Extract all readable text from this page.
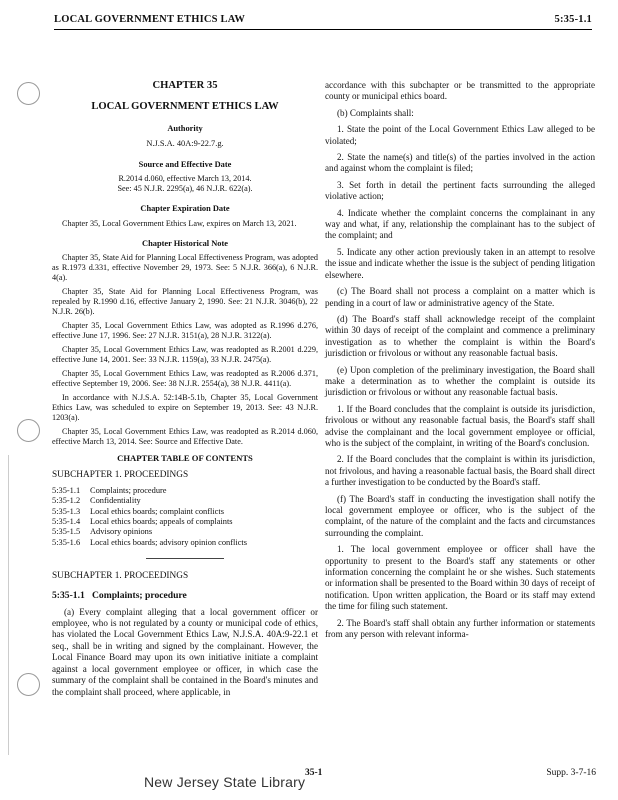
LOCAL GOVERNMENT ETHICS LAW	5:35-1.1
CHAPTER 35
LOCAL GOVERNMENT ETHICS LAW
Authority
N.J.S.A. 40A:9-22.7.g.
Source and Effective Date
R.2014 d.060, effective March 13, 2014.
See: 45 N.J.R. 2295(a), 46 N.J.R. 622(a).
Chapter Expiration Date
Chapter 35, Local Government Ethics Law, expires on March 13, 2021.
Chapter Historical Note
Chapter 35, State Aid for Planning Local Effectiveness Program, was adopted as R.1973 d.331, effective November 29, 1973. See: 5 N.J.R. 366(a), 6 N.J.R. 4(a).
Chapter 35, State Aid for Planning Local Effectiveness Program, was repealed by R.1990 d.16, effective January 2, 1990. See: 21 N.J.R. 3046(b), 22 N.J.R. 26(b).
Chapter 35, Local Government Ethics Law, was adopted as R.1996 d.276, effective June 17, 1996. See: 27 N.J.R. 3151(a), 28 N.J.R. 3122(a).
Chapter 35, Local Government Ethics Law, was readopted as R.2001 d.229, effective June 14, 2001. See: 33 N.J.R. 1159(a), 33 N.J.R. 2475(a).
Chapter 35, Local Government Ethics Law, was readopted as R.2006 d.371, effective September 19, 2006. See: 38 N.J.R. 2554(a), 38 N.J.R. 4411(a).
In accordance with N.J.S.A. 52:14B-5.1b, Chapter 35, Local Government Ethics Law, was scheduled to expire on September 19, 2013. See: 43 N.J.R. 1203(a).
Chapter 35, Local Government Ethics Law, was readopted as R.2014 d.060, effective March 13, 2014. See: Source and Effective Date.
CHAPTER TABLE OF CONTENTS
SUBCHAPTER 1. PROCEEDINGS
5:35-1.1	Complaints; procedure
5:35-1.2	Confidentiality
5:35-1.3	Local ethics boards; complaint conflicts
5:35-1.4	Local ethics boards; appeals of complaints
5:35-1.5	Advisory opinions
5:35-1.6	Local ethics boards; advisory opinion conflicts
SUBCHAPTER 1. PROCEEDINGS
5:35-1.1 Complaints; procedure
(a) Every complaint alleging that a local government officer or employee, who is not regulated by a county or municipal code of ethics, has violated the Local Government Ethics Law, N.J.S.A. 40A:9-22.1 et seq., shall be in writing and signed by the complainant. However, the Local Finance Board may upon its own initiative initiate a complaint against a local government employee or officer, in which case the summary of the complaint shall be contained in the Board's minutes and the complaint shall proceed, where applicable, in
accordance with this subchapter or be transmitted to the appropriate county or municipal ethics board.
(b) Complaints shall:
1. State the point of the Local Government Ethics Law alleged to be violated;
2. State the name(s) and title(s) of the parties involved in the action and against whom the complaint is filed;
3. Set forth in detail the pertinent facts surrounding the alleged violative action;
4. Indicate whether the complaint concerns the complainant in any way and what, if any, relationship the complainant has to the subject of the complaint; and
5. Indicate any other action previously taken in an attempt to resolve the issue and indicate whether the issue is the subject of pending litigation elsewhere.
(c) The Board shall not process a complaint on a matter which is pending in a court of law or administrative agency of the State.
(d) The Board's staff shall acknowledge receipt of the complaint within 30 days of receipt of the complaint and commence a preliminary investigation as to whether the complaint is within the Board's jurisdiction or frivolous or without any reasonable factual basis.
(e) Upon completion of the preliminary investigation, the Board shall make a determination as to whether the complaint is outside its jurisdiction or frivolous or without any reasonable factual basis.
1. If the Board concludes that the complaint is outside its jurisdiction, frivolous or without any reasonable factual basis, the Board's staff shall advise the complainant and the local government employee or official, who is the subject of the complaint, in writing of the Board's conclusion.
2. If the Board concludes that the complaint is within its jurisdiction, not frivolous, and having a reasonable factual basis, the Board shall direct a further investigation to be conducted by the Board's staff.
(f) The Board's staff in conducting the investigation shall notify the local government employee or officer, who is the subject of the complaint, of the nature of the complaint and the facts and circumstances surrounding the complaint.
1. The local government employee or officer shall have the opportunity to present to the Board's staff any statements or other information concerning the complaint he or she wishes. Such statements or information shall be presented to the Board within 30 days of receipt of notification. Upon written application, the Board or its staff may extend the time for filing such statement.
2. The Board's staff shall obtain any further information or statements from any person with relevant informa-
35-1	Supp. 3-7-16
New Jersey State Library
